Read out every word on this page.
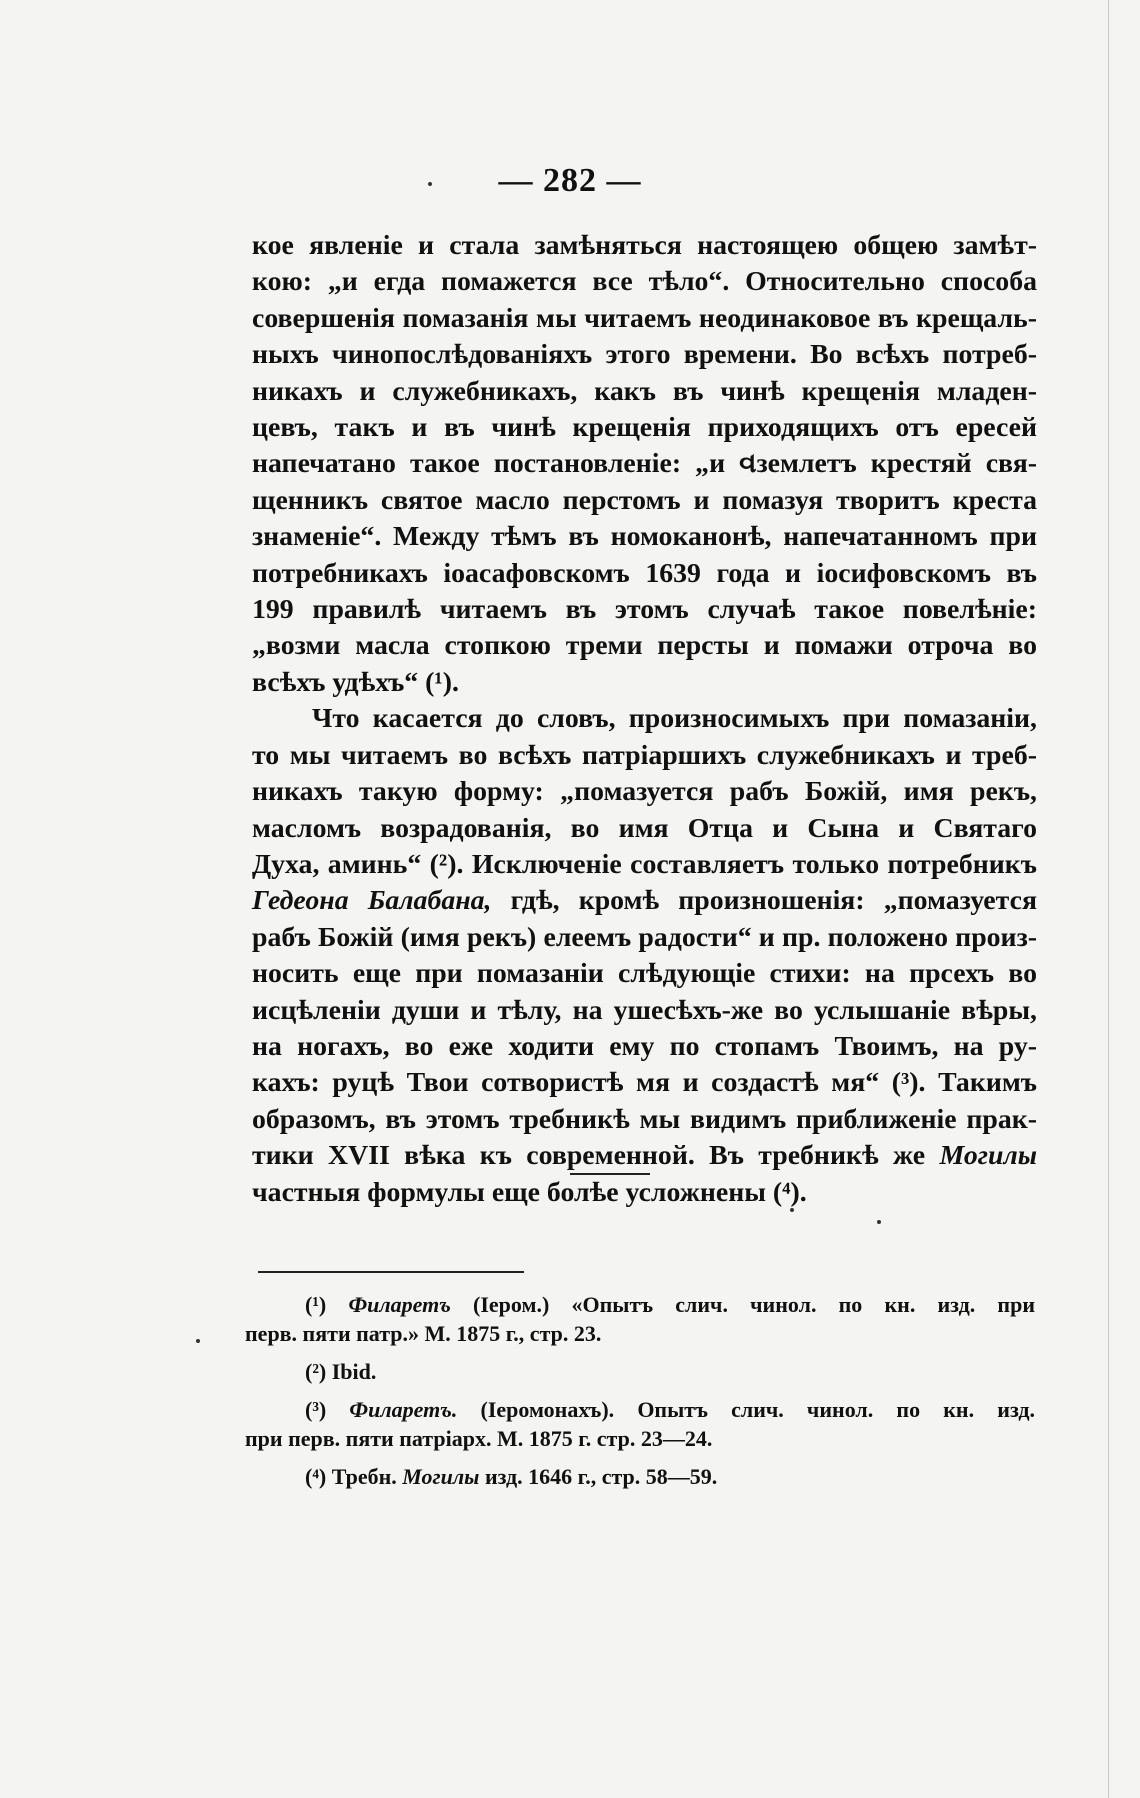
— 282 —
кое явленіе и стала замѣняться настоящею общею замѣт-
кою: „и егда помажется все тѣло“. Относительно способа
совершенія помазанія мы читаемъ неодинаковое въ крещаль-
ныхъ чинопослѣдованіяхъ этого времени. Во всѣхъ потреб-
никахъ и служебникахъ, какъ въ чинѣ крещенія младен-
цевъ, такъ и въ чинѣ крещенія приходящихъ отъ ересей
напечатано такое постановленіе: „и વземлетъ крестяй свя-
щенникъ святое масло перстомъ и помазуя творитъ креста
знаменіе“. Между тѣмъ въ номоканонѣ, напечатанномъ при
потребникахъ іоасафовскомъ 1639 года и іосифовскомъ въ
199 правилѣ читаемъ въ этомъ случаѣ такое повелѣніе:
„возми масла стопкою треми персты и помажи отроча во
всѣхъ удѣхъ“ (¹).
Что касается до словъ, произносимыхъ при помазаніи,
то мы читаемъ во всѣхъ патріаршихъ служебникахъ и треб-
никахъ такую форму: „помазуется рабъ Божій, имя рекъ,
масломъ возрадованія, во имя Отца и Сына и Святаго
Духа, аминь“ (²). Исключеніе составляетъ только потребникъ
Гедеона Балабана, гдѣ, кромѣ произношенія: „помазуется
рабъ Божій (имя рекъ) елеемъ радости“ и пр. положено произ-
носить еще при помазаніи слѣдующіе стихи: на прсехъ во
исцѣленіи души и тѣлу, на ушесѣхъ-же во услышаніе вѣры,
на ногахъ, во еже ходити ему по стопамъ Твоимъ, на ру-
кахъ: руцѣ Твои сотвористѣ мя и создастѣ мя“ (³). Такимъ
образомъ, въ этомъ требникѣ мы видимъ приближеніе прак-
тики XVII вѣка къ современной. Въ требникѣ же Могилы
частныя формулы еще болѣе усложнены (⁴).
(¹) Филаретъ (Іером.) «Опытъ слич. чинол. по кн. изд. при
перв. пяти патр.» М. 1875 г., стр. 23.
(²) Ibid.
(³) Филаретъ. (Іеромонахъ). Опытъ слич. чинол. по кн. изд.
при перв. пяти патріарх. М. 1875 г. стр. 23—24.
(⁴) Требн. Могилы изд. 1646 г., стр. 58—59.
